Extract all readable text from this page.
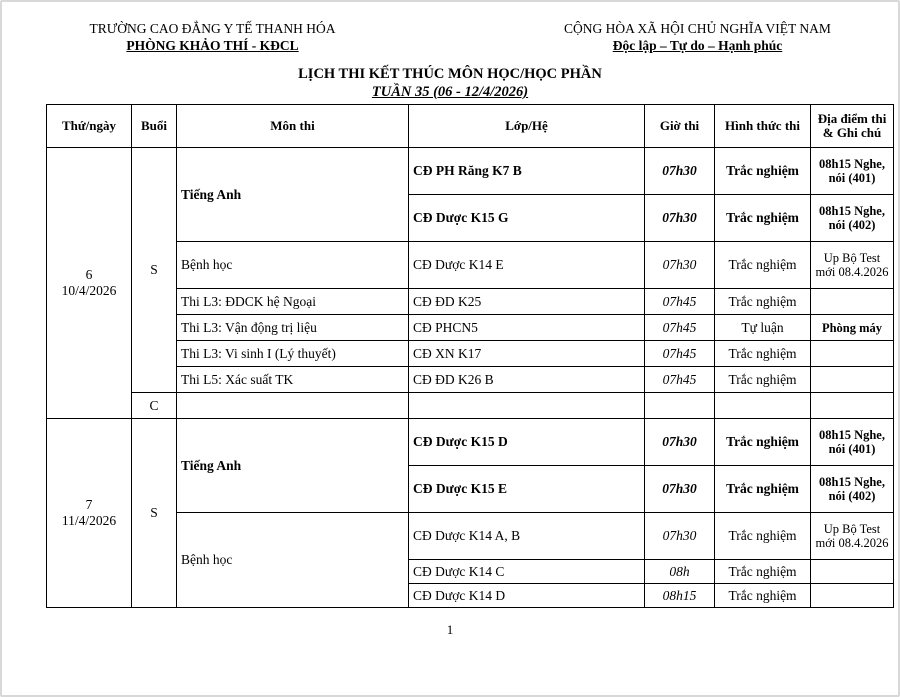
TRƯỜNG CAO ĐẲNG Y TẾ THANH HÓA
PHÒNG KHẢO THÍ - KĐCL
CỘNG HÒA XÃ HỘI CHỦ NGHĨA VIỆT NAM
Độc lập – Tự do – Hạnh phúc
LỊCH THI KẾT THÚC MÔN HỌC/HỌC PHẦN
TUẦN 35 (06 - 12/4/2026)
Thứ/ngày	Buổi	Môn thi	Lớp/Hệ	Giờ thi	Hình thức thi	Địa điểm thi & Ghi chú

6
10/4/2026	S	Tiếng Anh	CĐ PH Răng K7 B	07h30	Trắc nghiệm	08h15 Nghe, nói (401)
			CĐ Dược K15 G	07h30	Trắc nghiệm	08h15 Nghe, nói (402)
		Bệnh học	CĐ Dược K14 E	07h30	Trắc nghiệm	Up Bộ Test mới 08.4.2026
		Thi L3: ĐDCK hệ Ngoại	CĐ ĐD K25	07h45	Trắc nghiệm	
		Thi L3: Vận động trị liệu	CĐ PHCN5	07h45	Tự luận	Phòng máy
		Thi L3: Vi sinh I (Lý thuyết)	CĐ XN K17	07h45	Trắc nghiệm	
		Thi L5: Xác suất TK	CĐ ĐD K26 B	07h45	Trắc nghiệm	
	C					

7
11/4/2026	S	Tiếng Anh	CĐ Dược K15 D	07h30	Trắc nghiệm	08h15 Nghe, nói (401)
			CĐ Dược K15 E	07h30	Trắc nghiệm	08h15 Nghe, nói (402)
		Bệnh học	CĐ Dược K14 A, B	07h30	Trắc nghiệm	Up Bộ Test mới 08.4.2026
			CĐ Dược K14 C	08h	Trắc nghiệm	
			CĐ Dược K14 D	08h15	Trắc nghiệm	
1
